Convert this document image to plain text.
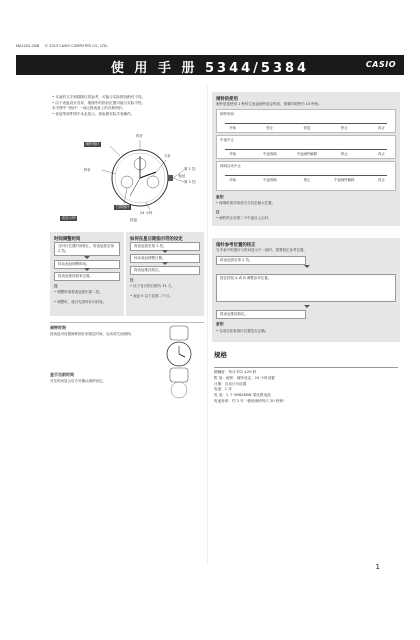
MA1202-CNB © 2013 CASIO COMPUTER CO., LTD.
使 用 手 册 5344/5384	CASIO
• 本表的文字和插图仅供参考，可能与实际情况稍有不同。
• 由于表盘设计各异，插图中的指针位置可能与实际不符。
本手册中 "指针" 一词泛指表盘上的各种指针。
• 表冠等部件图中未必显示，请参照实际手表操作。
闹钟指针
时针
分针
秒针	第 1 挡
第 2 挡
表冠
日期指针
24 小时
指盘
表冠示例
闹铃的使用
闹铃是靠使用 1 秒钟主表盘闹铃设定时间，需要时响铃约 15 秒钟。
响铃时间
开始	停止	恢复	停止	再止
中途中止
开始	中途再响	中途闹铃解除	停止	再止
再响自动中止
开始	中途再响	停止	中途闹铃解除	再止
重要！
• 再响时请勿用适当力拉至最大位置。
注
• 闹铃停止后第二个中途以上止时。
时间调整时间
当时针位置时间停止，将表冠拔至第 2 挡。
转动表冠调整时间。
将表冠推回原来位置。
注
• 调整时请将表冠拔出第二挡。
• 调整时，建议先将时针向后转。
如何在星日期指示符的设定
将表冠拔至第 1 挡。
转动表冠调整日期。
将表冠推回原位。
注
• 以下各月的日期为 31 天。
• 表冠 5 以下及第二个月。
指针参考位置的校正
当手表中的指针与时间显示不一致时，需要校正参考位置。
将表冠拔至第 2 挡。
按住按钮 A 或 B 调整参考位置。
将表冠推回原位。
重要！
• 完成后检查指针位置是否正确。
闹钟时刻
按表冠可设置闹钟指针到指定时间，启动或关闭闹钟。
显示当前时间
对比时间显示后方可确认闹钟设定。
规格
精确度：每月平均 ±20 秒
附 加：闹钟：闹铃设定、24 小时设置
日期：自动日历设置
电池：1 年
电 池：1 个 SR626SW 氧化银电池
电池寿命：约 2 年（使用闹钟每天 20 秒钟）
1
